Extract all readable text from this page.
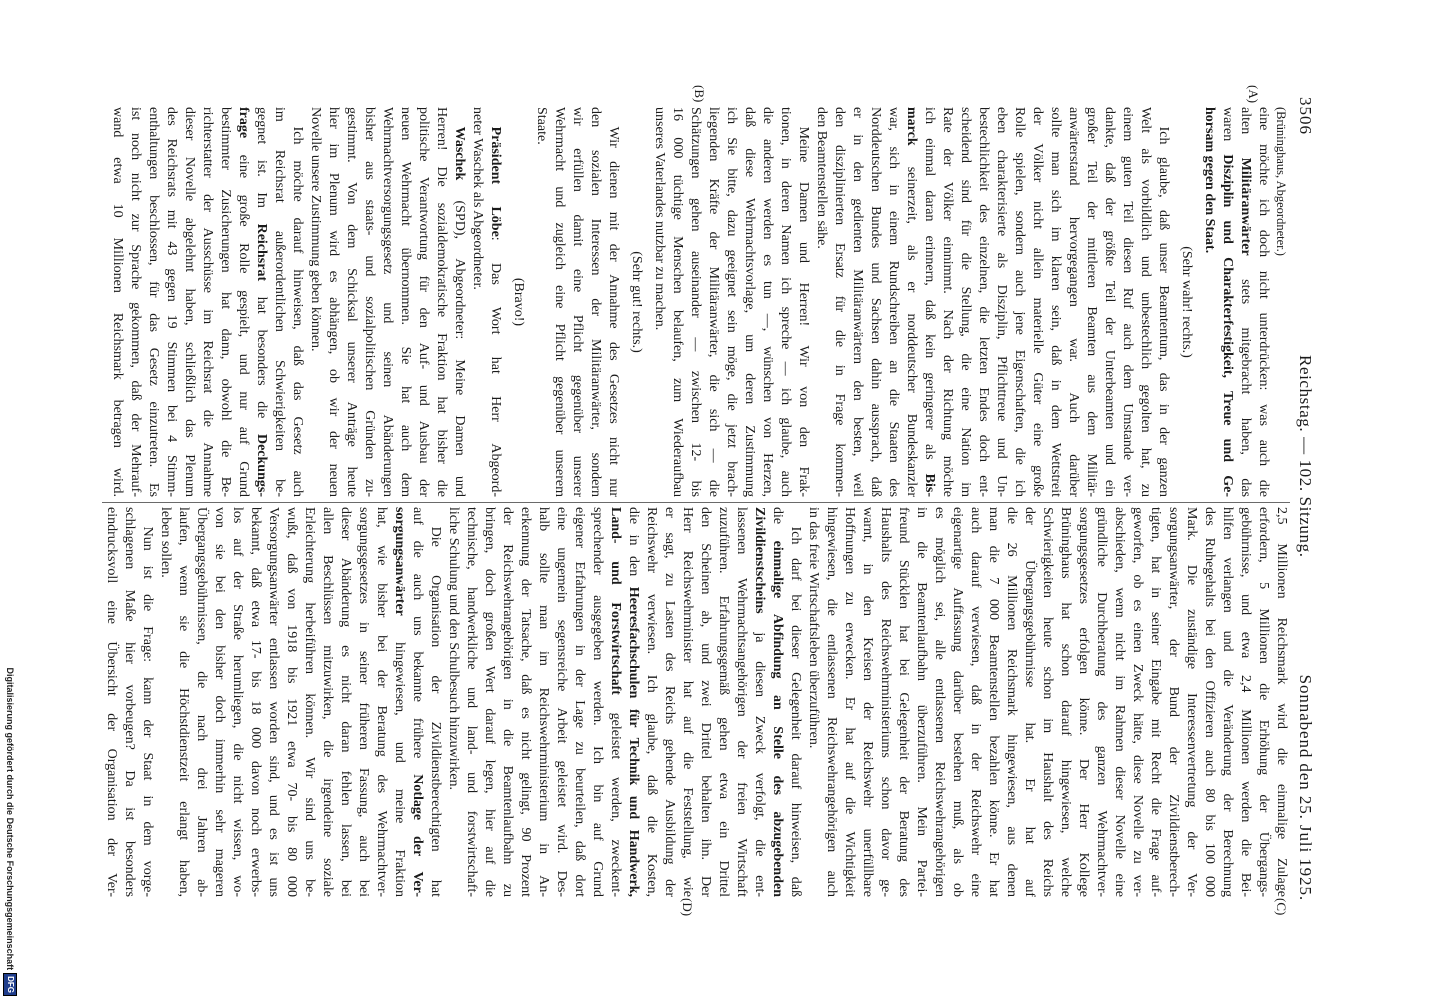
3506
Reichstag. — 102. Sitzung.
Sonnabend den 25. Juli 1925.
(A)
(B)
(C)
(D)
(Brüninghaus, Abgeordneter.)
eine möchte ich doch nicht unterdrücken: was auch die
alten Militäranwärter stets mitgebracht haben, das
waren Disziplin und Charakterfestigkeit, Treue und Ge-
horsam gegen den Staat.
(Sehr wahr! rechts.)
Ich glaube, daß unser Beamtentum, das in der ganzen
Welt als vorbildlich und unbestechlich gegolten hat, zu
einem guten Teil diesen Ruf auch dem Umstande ver-
dankte, daß der größte Teil der Unterbeamten und ein
großer Teil der mittleren Beamten aus dem Militär-
anwärterstand hervorgegangen war. Auch darüber
sollte man sich im klaren sein, daß in dem Wettstreit
der Völker nicht allein materielle Güter eine große
Rolle spielen, sondern auch jene Eigenschaften, die ich
eben charakterisierte als Disziplin, Pflichttreue und Un-
bestechlichkeit des einzelnen, die letzten Endes doch ent-
scheidend sind für die Stellung, die eine Nation im
Rate der Völker einnimmt. Nach der Richtung möchte
ich einmal daran erinnern, daß kein geringerer als Bis-
marck seinerzeit, als er norddeutscher Bundeskanzler
war, sich in einem Rundschreiben an die Staaten des
Norddeutschen Bundes und Sachsen dahin aussprach, daß
er in den gedienten Militäranwärtern den besten, weil
den disziplinierten Ersatz für die in Frage kommen-
den Beamtenstellen sähe.
Meine Damen und Herren! Wir von den Frak-
tionen, in deren Namen ich spreche — ich glaube, auch
die anderen werden es tun —, wünschen von Herzen,
daß diese Wehrmachtsvorlage, um deren Zustimmung
ich Sie bitte, dazu geeignet sein möge, die jetzt brach-
liegenden Kräfte der Militäranwärter, die sich — die
Schätzungen gehen auseinander — zwischen 12- bis
16 000 tüchtige Menschen belaufen, zum Wiederaufbau
unseres Vaterlandes nutzbar zu machen.
(Sehr gut! rechts.)
Wir dienen mit der Annahme des Gesetzes nicht nur
den sozialen Interessen der Militäranwärter, sondern
wir erfüllen damit eine Pflicht gegenüber unserer
Wehrmacht und zugleich eine Pflicht gegenüber unserem
Staate.
(Bravo!)
Präsident Löbe: Das Wort hat Herr Abgeord-
neter Waschek als Abgeordneter.
Waschek (SPD), Abgeordneter: Meine Damen und
Herren! Die sozialdemokratische Fraktion hat bisher die
politische Verantwortung für den Auf- und Ausbau der
neuen Wehrmacht übernommen. Sie hat auch dem
Wehrmachtversorgungsgesetz und seinen Abänderungen
bisher aus staats- und sozialpolitischen Gründen zu-
gestimmt. Von dem Schicksal unserer Anträge heute
hier im Plenum wird es abhängen, ob wir der neuen
Novelle unsere Zustimmung geben können.
Ich möchte darauf hinweisen, daß das Gesetz auch
im Reichsrat außerordentlichen Schwierigkeiten be-
gegnet ist. Im Reichsrat hat besonders die Deckungs-
frage eine große Rolle gespielt, und nur auf Grund
bestimmter Zusicherungen hat dann, obwohl die Be-
richterstatter der Ausschüsse im Reichsrat die Annahme
dieser Novelle abgelehnt haben, schließlich das Plenum
des Reichsrats mit 43 gegen 19 Stimmen bei 4 Stimm-
enthaltungen beschlossen, für das Gesetz einzutreten. Es
ist noch nicht zur Sprache gekommen, daß der Mehrauf-
wand etwa 10 Millionen Reichsmark betragen wird.
2,5 Millionen Reichsmark wird die einmalige Zulage
erfordern, 5 Millionen die Erhöhung der Übergangs-
gebührnisse, und etwa 2,4 Millionen werden die Bei-
hilfen verlangen und die Veränderung der Berechnung
des Ruhegehalts bei den Offizieren auch 80 bis 100 000
Mark. Die zuständige Interessenvertretung der Ver-
sorgungsanwärter, der Bund der Zivildienstberech-
tigten, hat in seiner Eingabe mit Recht die Frage auf-
geworfen, ob es einen Zweck hätte, diese Novelle zu ver-
abschieden, wenn nicht im Rahmen dieser Novelle eine
gründliche Durchberatung des ganzen Wehrmachtver-
sorgungsgesetzes erfolgen könne. Der Herr Kollege
Brüninghaus hat schon darauf hingewiesen, welche
Schwierigkeiten heute schon im Haushalt des Reichs
der Übergangsgebührnisse hat. Er hat auf
die 26 Millionen Reichsmark hingewiesen, aus denen
man die 7 000 Beamtenstellen bezahlen könne. Er hat
auch darauf verwiesen, daß in der Reichswehr eine
eigenartige Auffassung darüber bestehen muß, als ob
es möglich sei, alle entlassenen Reichswehrangehörigen
in die Beamtenlaufbahn überzuführen. Mein Partei-
freund Stücklen hat bei Gelegenheit der Beratung des
Haushalts des Reichswehrministeriums schon davor ge-
warnt, in den Kreisen der Reichswehr unerfüllbare
Hoffnungen zu erwecken. Er hat auf die Wichtigkeit
hingewiesen, die entlassenen Reichswehrangehörigen auch
in das freie Wirtschaftsleben überzuführen.
Ich darf bei dieser Gelegenheit darauf hinweisen, daß
die einmalige Abfindung an Stelle des abzugebenden
Zivildienstscheins ja diesen Zweck verfolgt, die ent-
lassenen Wehrmachtsangehörigen der freien Wirtschaft
zuzuführen. Erfahrungsgemäß gehen etwa ein Drittel
den Scheinen ab, und zwei Drittel behalten ihn. Der
Herr Reichswehrminister hat auf die Feststellung, wie
er sagt, zu Lasten des Reichs gehende Ausbildung der
Reichswehr verwiesen. Ich glaube, daß die Kosten,
die in den Heeresfachschulen für Technik und Handwerk,
Land- und Forstwirtschaft geleistet werden, zweckent-
sprechender ausgegeben werden. Ich bin auf Grund
eigener Erfahrungen in der Lage zu beurteilen, daß dort
eine ungemein segensreiche Arbeit geleistet wird. Des-
halb sollte man im Reichswehrministerium in An-
erkennung der Tatsache, daß es nicht gelingt, 90 Prozent
der Reichswehrangehörigen in die Beamtenlaufbahn zu
bringen, doch großen Wert darauf legen, hier auf die
technische, handwerkliche und land- und forstwirtschaft-
liche Schulung und den Schulbesuch hinzuwirken.
Die Organisation der Zivildienstberechtigten hat
auf die auch uns bekannte frühere Notlage der Ver-
sorgungsanwärter hingewiesen, und meine Fraktion
hat, wie bisher bei der Beratung des Wehrmachtver-
sorgungsgesetzes in seiner früheren Fassung, auch bei
dieser Abänderung es nicht daran fehlen lassen, bei
allen Beschlüssen mitzuwirken, die irgendeine soziale
Erleichterung herbeiführen können. Wir sind uns be-
wußt, daß von 1918 bis 1921 etwa 70- bis 80 000
Versorgungsanwärter entlassen worden sind, und es ist uns
bekannt, daß etwa 17- bis 18 000 davon noch erwerbs-
los auf der Straße herumliegen, die nicht wissen, wo-
von sie bei den bisher doch immerhin sehr mageren
Übergangsgebührnissen, die nach drei Jahren ab-
laufen, wenn sie die Höchstdienstzeit erlangt haben,
leben sollen.
Nun ist die Frage: kann der Staat in dem vorge-
schlagenen Maße hier vorbeugen? Da ist besonders
eindrucksvoll eine Übersicht der Organisation der Ver-
Digitalisierung gefördert durch die Deutsche Forschungsgemeinschaft
DFG
